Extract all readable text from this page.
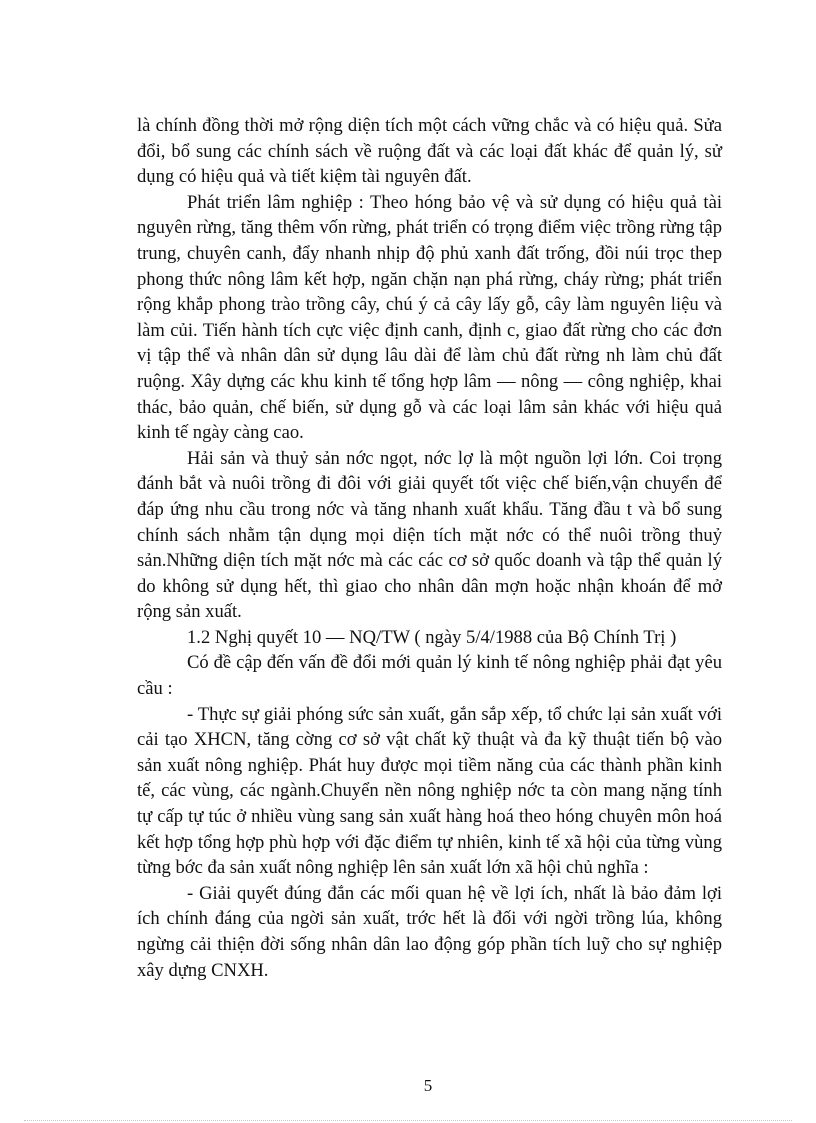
là chính đồng thời mở rộng diện tích một cách vững chắc và có hiệu quả. Sửa đổi, bổ sung các chính sách về ruộng đất và các loại đất khác để quản lý, sử dụng có hiệu quả và tiết kiệm tài nguyên đất.

Phát triển lâm nghiệp : Theo hóng bảo vệ và sử dụng có hiệu quả tài nguyên rừng, tăng thêm vốn rừng, phát triển có trọng điểm việc trồng rừng tập trung, chuyên canh, đẩy nhanh nhịp độ phủ xanh đất trống, đồi núi trọc thep phong thức nông lâm kết hợp, ngăn chặn nạn phá rừng, cháy rừng; phát triển rộng khắp phong trào trồng cây, chú ý cả cây lấy gỗ, cây làm nguyên liệu và làm củi. Tiến hành tích cực việc định canh, định c, giao đất rừng cho các đơn vị tập thể và nhân dân sử dụng lâu dài để làm chủ đất rừng nh làm chủ đất ruộng. Xây dựng các khu kinh tế tổng hợp lâm — nông — công nghiệp, khai thác, bảo quản, chế biến, sử dụng gỗ và các loại lâm sản khác với hiệu quả kinh tế ngày càng cao.

Hải sản và thuỷ sản nớc ngọt, nớc lợ là một nguồn lợi lớn. Coi trọng đánh bắt và nuôi trồng đi đôi với giải quyết tốt việc chế biến,vận chuyển để đáp ứng nhu cầu trong nớc và tăng nhanh xuất khẩu. Tăng đầu t và bổ sung chính sách nhằm tận dụng mọi diện tích mặt nớc có thể nuôi trồng thuỷ sản.Những diện tích mặt nớc mà các các cơ sở quốc doanh và tập thể quản lý do không sử dụng hết, thì giao cho nhân dân mợn hoặc nhận khoán để mở rộng sản xuất.

1.2 Nghị quyết 10 — NQ/TW ( ngày 5/4/1988 của Bộ Chính Trị )

Có đề cập đến vấn đề đổi mới quản lý kinh tế nông nghiệp phải đạt yêu cầu :

- Thực sự giải phóng sức sản xuất, gắn sắp xếp, tổ chức lại sản xuất với cải tạo XHCN, tăng cờng cơ sở vật chất kỹ thuật và đa kỹ thuật tiến bộ vào sản xuất nông nghiệp. Phát huy được mọi tiềm năng của các thành phần kinh tế, các vùng, các ngành.Chuyển nền nông nghiệp nớc ta còn mang nặng tính tự cấp tự túc ở nhiều vùng sang sản xuất hàng hoá theo hóng chuyên môn hoá kết hợp tổng hợp phù hợp với đặc điểm tự nhiên, kinh tế xã hội của từng vùng từng bớc đa sản xuất nông nghiệp lên sản xuất lớn xã hội chủ nghĩa :

- Giải quyết đúng đắn các mối quan hệ về lợi ích, nhất là bảo đảm lợi ích chính đáng của ngời sản xuất, trớc hết là đối với ngời trồng lúa, không ngừng cải thiện đời sống nhân dân lao động góp phần tích luỹ cho sự nghiệp xây dựng CNXH.

5
